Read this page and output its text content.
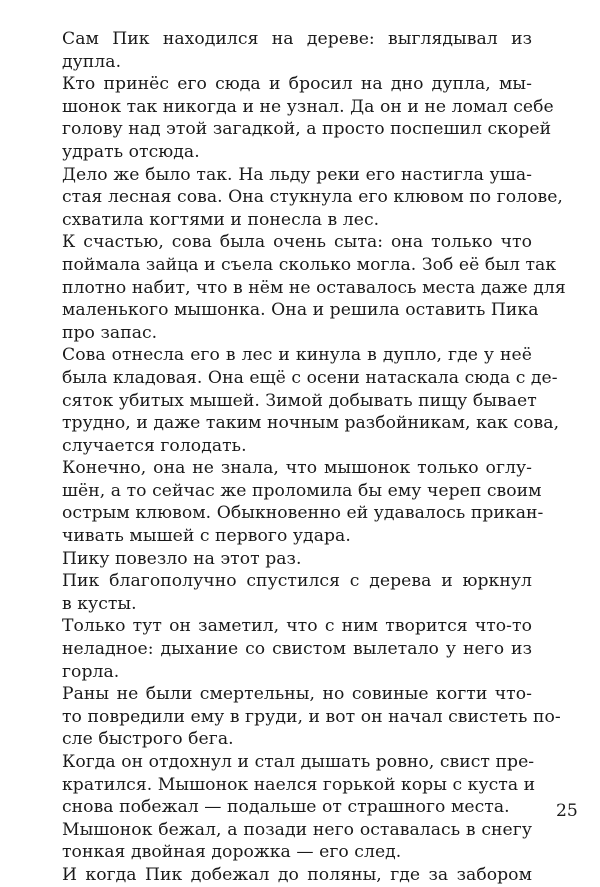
Сам Пик находился на дереве: выглядывал из
дупла.
Кто принёс его сюда и бросил на дно дупла, мы-
шонок так никогда и не узнал. Да он и не ломал себе
голову над этой загадкой, а просто поспешил скорей
удрать отсюда.
Дело же было так. На льду реки его настигла уша-
стая лесная сова. Она стукнула его клювом по голове,
схватила когтями и понесла в лес.
К счастью, сова была очень сыта: она только что
поймала зайца и съела сколько могла. Зоб её был так
плотно набит, что в нём не оставалось места даже для
маленького мышонка. Она и решила оставить Пика
про запас.
Сова отнесла его в лес и кинула в дупло, где у неё
была кладовая. Она ещё с осени натаскала сюда с де-
сяток убитых мышей. Зимой добывать пищу бывает
трудно, и даже таким ночным разбойникам, как сова,
случается голодать.
Конечно, она не знала, что мышонок только оглу-
шён, а то сейчас же проломила бы ему череп своим
острым клювом. Обыкновенно ей удавалось прикан-
чивать мышей с первого удара.
Пику повезло на этот раз.
Пик благополучно спустился с дерева и юркнул
в кусты.
Только тут он заметил, что с ним творится что-то
неладное: дыхание со свистом вылетало у него из
горла.
Раны не были смертельны, но совиные когти что-
то повредили ему в груди, и вот он начал свистеть по-
сле быстрого бега.
Когда он отдохнул и стал дышать ровно, свист пре-
кратился. Мышонок наелся горькой коры с куста и
снова побежал — подальше от страшного места.
Мышонок бежал, а позади него оставалась в снегу
тонкая двойная дорожка — его след.
И когда Пик добежал до поляны, где за забором
25
